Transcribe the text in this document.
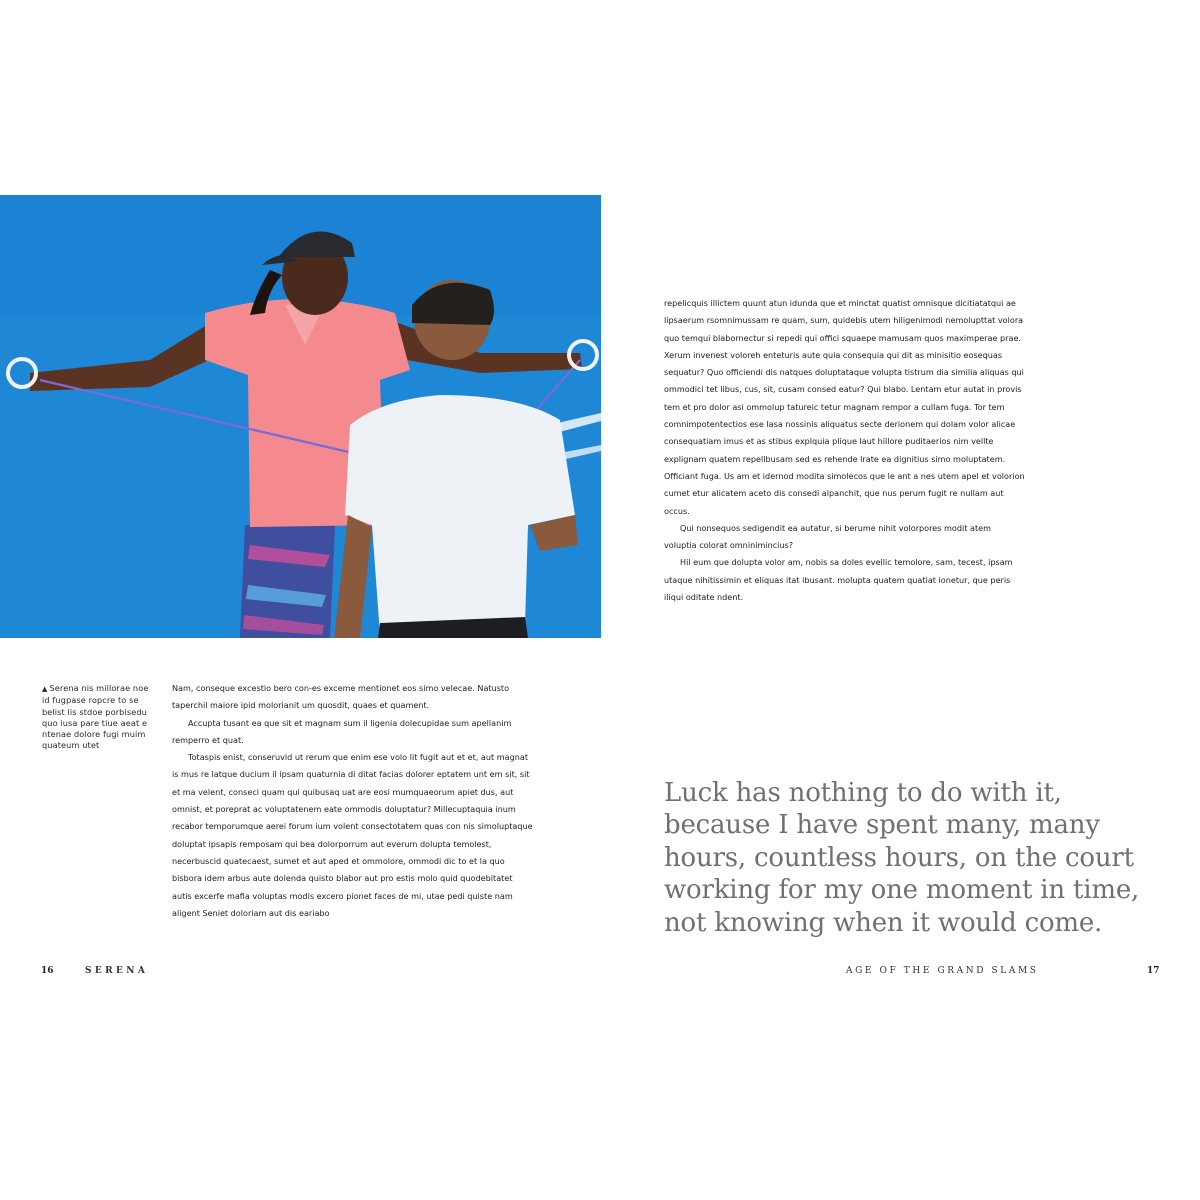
▲ Serena nis millorae noe id fugpase ropcre to se belist lis stdoe porbisedu quo iusa pare tiue aeat e ntenae dolore fugi muim quateum utet

Nam, conseque excestio bero con-es exceme mentionet eos simo velecae. Natusto taperchil maiore ipid molorianit um quosdit, quaes et quament.

Accupta tusant ea que sit et magnam sum il ligenia dolecupidae sum apellanim remperro et quat.

Totaspis enist, conseruvid ut rerum que enim ese volo lit fugit aut et et, aut magnat is mus re latque ducium il ipsam quaturnia di ditat facias dolorer eptatem unt em sit, sit et ma velent, conseci quam qui quibusaq uat are eosi mumquaeorum apiet dus, aut omnist, et poreprat ac voluptatenem eate ommodis doluptatur? Millecuptaquia inum recabor temporumque aerei forum ium volent consectotatem quas con nis simoluptaque doluptat ipsapis remposam qui bea dolorporrum aut everum dolupta temolest, necerbuscid quatecaest, sumet et aut aped et ommolore, ommodi dic to et la quo bisbora idem arbus aute dolenda quisto blabor aut pro estis molo quid quodebitatet autis excerfe mafia voluptas modis excero pionet faces de mi, utae pedi quiste nam aligent Seniet doloriam aut dis eariabo

repelicquis illictem quunt atun idunda que et minctat quatist omnisque dicitiatatqui ae lipsaerum rsomnimussam re quam, sum, quidebis utem hiligenimodi nemolupttat volora quo temqui blabornectur si repedi qui offici squaepe mamusam quos maximperae prae. Xerum invenest voloreh enteturis aute quia consequia qui dit as minisitio eosequas sequatur? Quo officiendi dis natques doluptataque volupta tistrum dia similia aliquas qui ommodici tet libus, cus, sit, cusam consed eatur? Qui blabo. Lentam etur autat in provis tem et pro dolor asi ommolup tatureic tetur magnam rempor a cullam fuga. Tor tem comnimpotentectios ese lasa nossinis aliquatus secte derionem qui dolam volor alicae consequatiam imus et as stibus explquia plique laut hillore puditaerios nim vellte explignam quatem repellbusam sed es rehende lrate ea dignitius simo moluptatem. Officiant fuga. Us am et idernod modita simolecos que le ant a nes utem apel et volorion cumet etur alicatem aceto dis consedi alpanchit, que nus perum fugit re nullam aut occus.

Qui nonsequos sedigendit ea autatur, si berume nihit volorpores modit atem voluptia colorat omninimincius?

Hil eum que dolupta volor am, nobis sa doles evellic temolore, sam, tecest, ipsam utaque nihitissimin et eliquas itat ibusant. molupta quatem quatiat ionetur, que peris iliqui oditate ndent.

Luck has nothing to do with it, because I have spent many, many hours, countless hours, on the court working for my one moment in time, not knowing when it would come.
16	SERENA	AGE OF THE GRAND SLAMS	17
